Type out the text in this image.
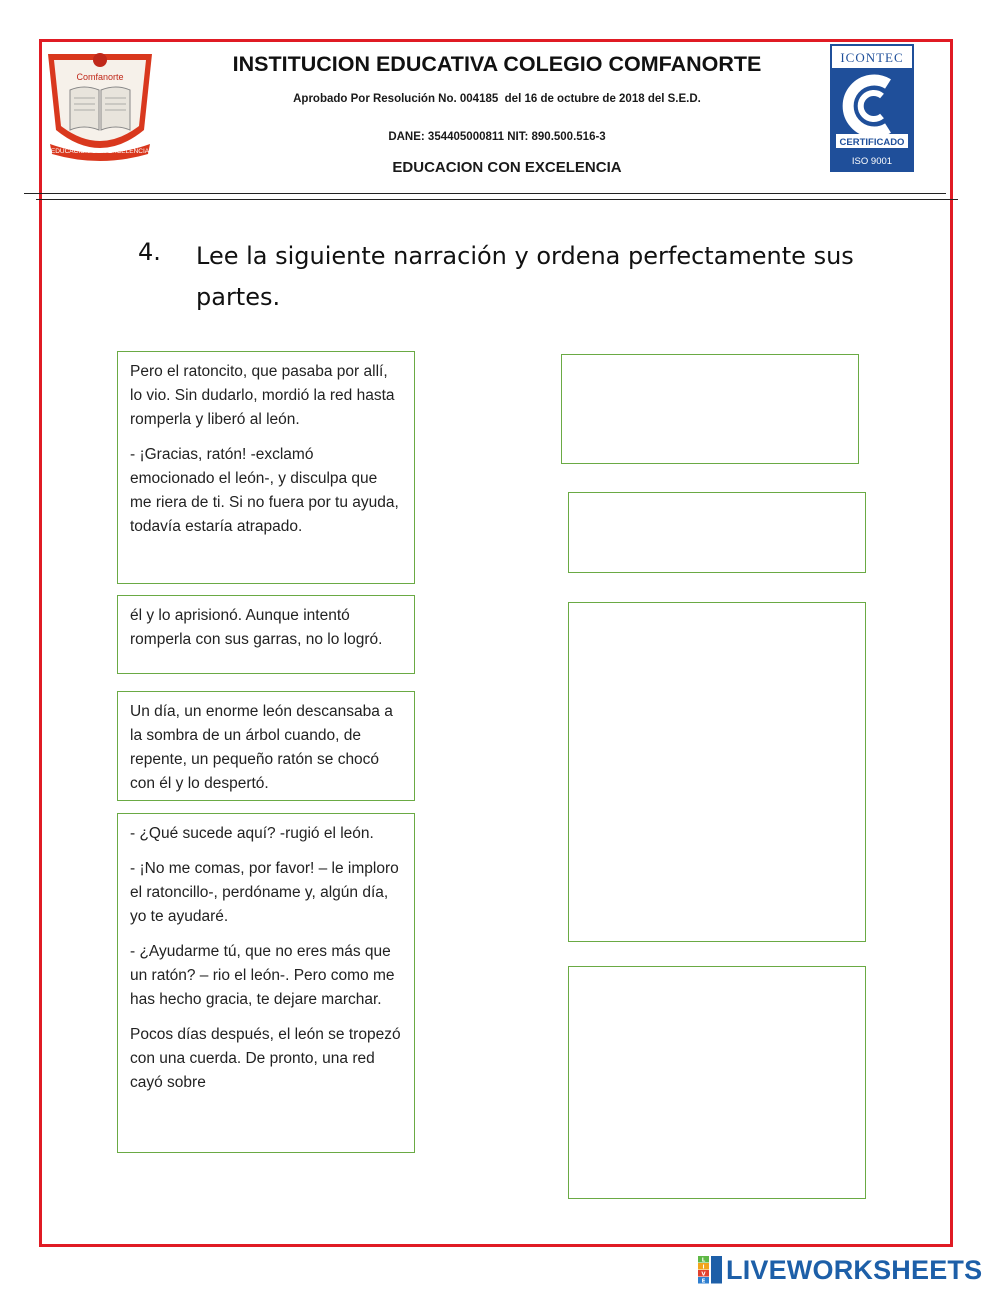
Comfanorte
EDUCACIÓN CON EXCELENCIA
INSTITUCION EDUCATIVA COLEGIO COMFANORTE
Aprobado Por Resolución No. 004185  del 16 de octubre de 2018 del S.E.D.
DANE: 354405000811 NIT: 890.500.516-3
EDUCACION CON EXCELENCIA
ICONTEC
CERTIFICADO
ISO 9001
4. Lee la siguiente narración y ordena perfectamente sus partes.

Pero el ratoncito, que pasaba por allí, lo vio. Sin dudarlo, mordió la red hasta romperla y liberó al león.

- ¡Gracias, ratón! -exclamó emocionado el león-, y disculpa que me riera de ti. Si no fuera por tu ayuda, todavía estaría atrapado.

él y lo aprisionó. Aunque intentó romperla con sus garras, no lo logró.

Un día, un enorme león descansaba a la sombra de un árbol cuando, de repente, un pequeño ratón se chocó con él y lo despertó.

- ¿Qué sucede aquí? -rugió el león.

- ¡No me comas, por favor! – le imploro el ratoncillo-, perdóname y, algún día, yo te ayudaré.

- ¿Ayudarme tú, que no eres más que un ratón? – rio el león-. Pero como me has hecho gracia, te dejare marchar.

Pocos días después, el león se tropezó con una cuerda. De pronto, una red cayó sobre

L
I
V
E LIVEWORKSHEETS
